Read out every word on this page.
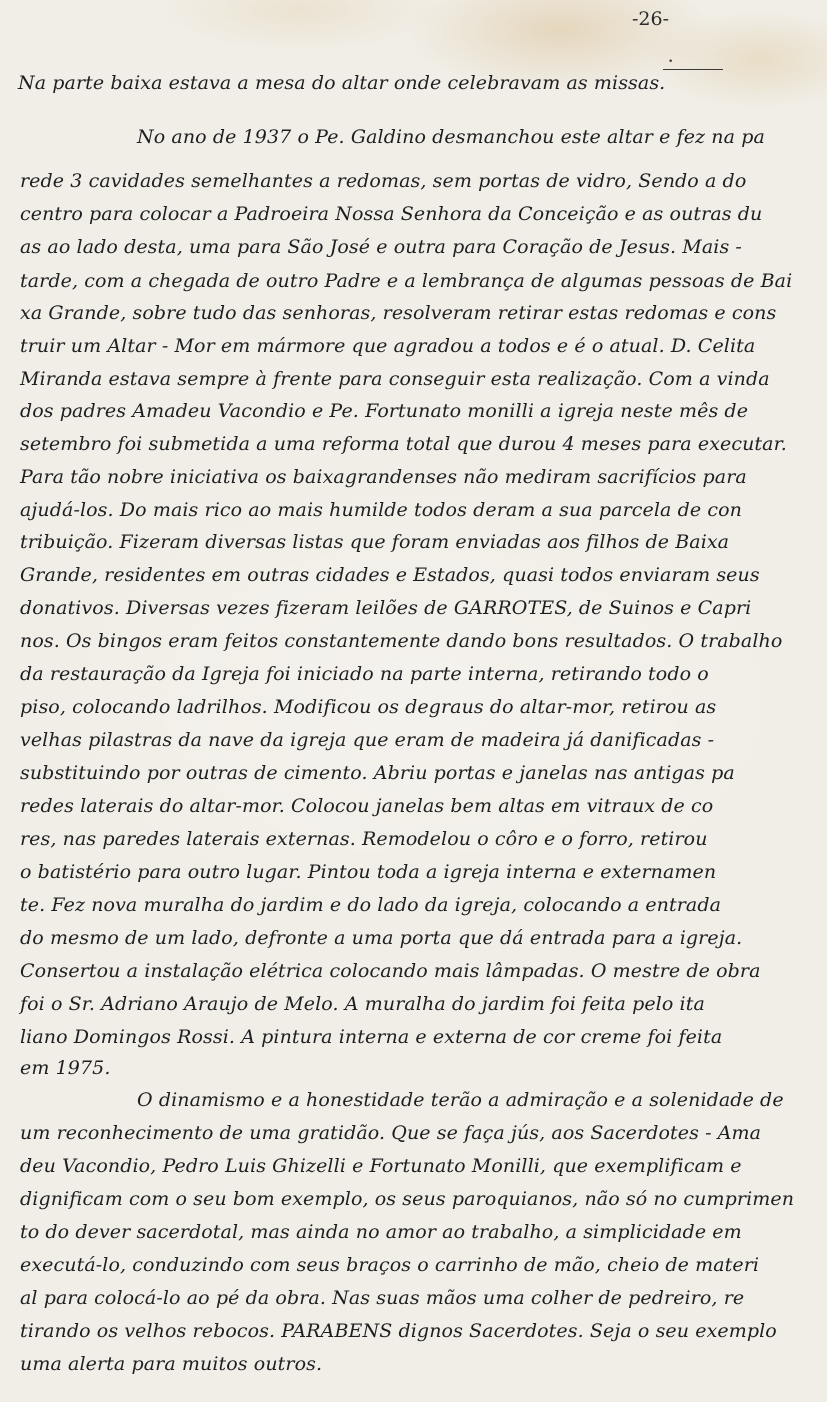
-26-
•
Na parte baixa estava a mesa do altar onde celebravam as missas.
No ano de 1937 o Pe. Galdino desmanchou este altar e fez na pa
rede 3 cavidades semelhantes a redomas, sem portas de vidro, Sendo a do
centro para colocar a Padroeira Nossa Senhora da Conceição e as outras du
as ao lado desta, uma para São José e outra para Coração de Jesus. Mais -
tarde, com a chegada de outro Padre e a lembrança de algumas pessoas de Bai
xa Grande, sobre tudo das senhoras, resolveram retirar estas redomas e cons
truir um Altar - Mor em mármore que agradou a todos e é o atual. D. Celita
Miranda estava sempre à frente para conseguir esta realização. Com a vinda
dos padres Amadeu Vacondio e Pe. Fortunato monilli a igreja neste mês de
setembro foi submetida a uma reforma total que durou 4 meses para executar.
Para tão nobre iniciativa os baixagrandenses não mediram sacrifícios para
ajudá-los. Do mais rico ao mais humilde todos deram a sua parcela de con
tribuição. Fizeram diversas listas que foram enviadas aos filhos de Baixa
Grande, residentes em outras cidades e Estados, quasi todos enviaram seus
donativos. Diversas vezes fizeram leilões de GARROTES, de Suinos e Capri
nos. Os bingos eram feitos constantemente dando bons resultados. O trabalho
da restauração da Igreja foi iniciado na parte interna, retirando todo o
piso, colocando ladrilhos. Modificou os degraus do altar-mor, retirou as
velhas pilastras da nave da igreja que eram de madeira já danificadas -
substituindo por outras de cimento. Abriu portas e janelas nas antigas pa
redes laterais do altar-mor. Colocou janelas bem altas em vitraux de co
res, nas paredes laterais externas. Remodelou o côro e o forro, retirou
o batistério para outro lugar. Pintou toda a igreja interna e externamen
te. Fez nova muralha do jardim e do lado da igreja, colocando a entrada
do mesmo de um lado, defronte a uma porta que dá entrada para a igreja.
Consertou a instalação elétrica colocando mais lâmpadas. O mestre de obra
foi o Sr. Adriano Araujo de Melo. A muralha do jardim foi feita pelo ita
liano Domingos Rossi. A pintura interna e externa de cor creme foi feita
em 1975.
O dinamismo e a honestidade terão a admiração e a solenidade de
um reconhecimento de uma gratidão. Que se faça jús, aos Sacerdotes - Ama
deu Vacondio, Pedro Luis Ghizelli e Fortunato Monilli, que exemplificam e
dignificam com o seu bom exemplo, os seus paroquianos, não só no cumprimen
to do dever sacerdotal, mas ainda no amor ao trabalho, a simplicidade em
executá-lo, conduzindo com seus braços o carrinho de mão, cheio de materi
al para colocá-lo ao pé da obra. Nas suas mãos uma colher de pedreiro, re
tirando os velhos rebocos. PARABENS dignos Sacerdotes. Seja o seu exemplo
uma alerta para muitos outros.
